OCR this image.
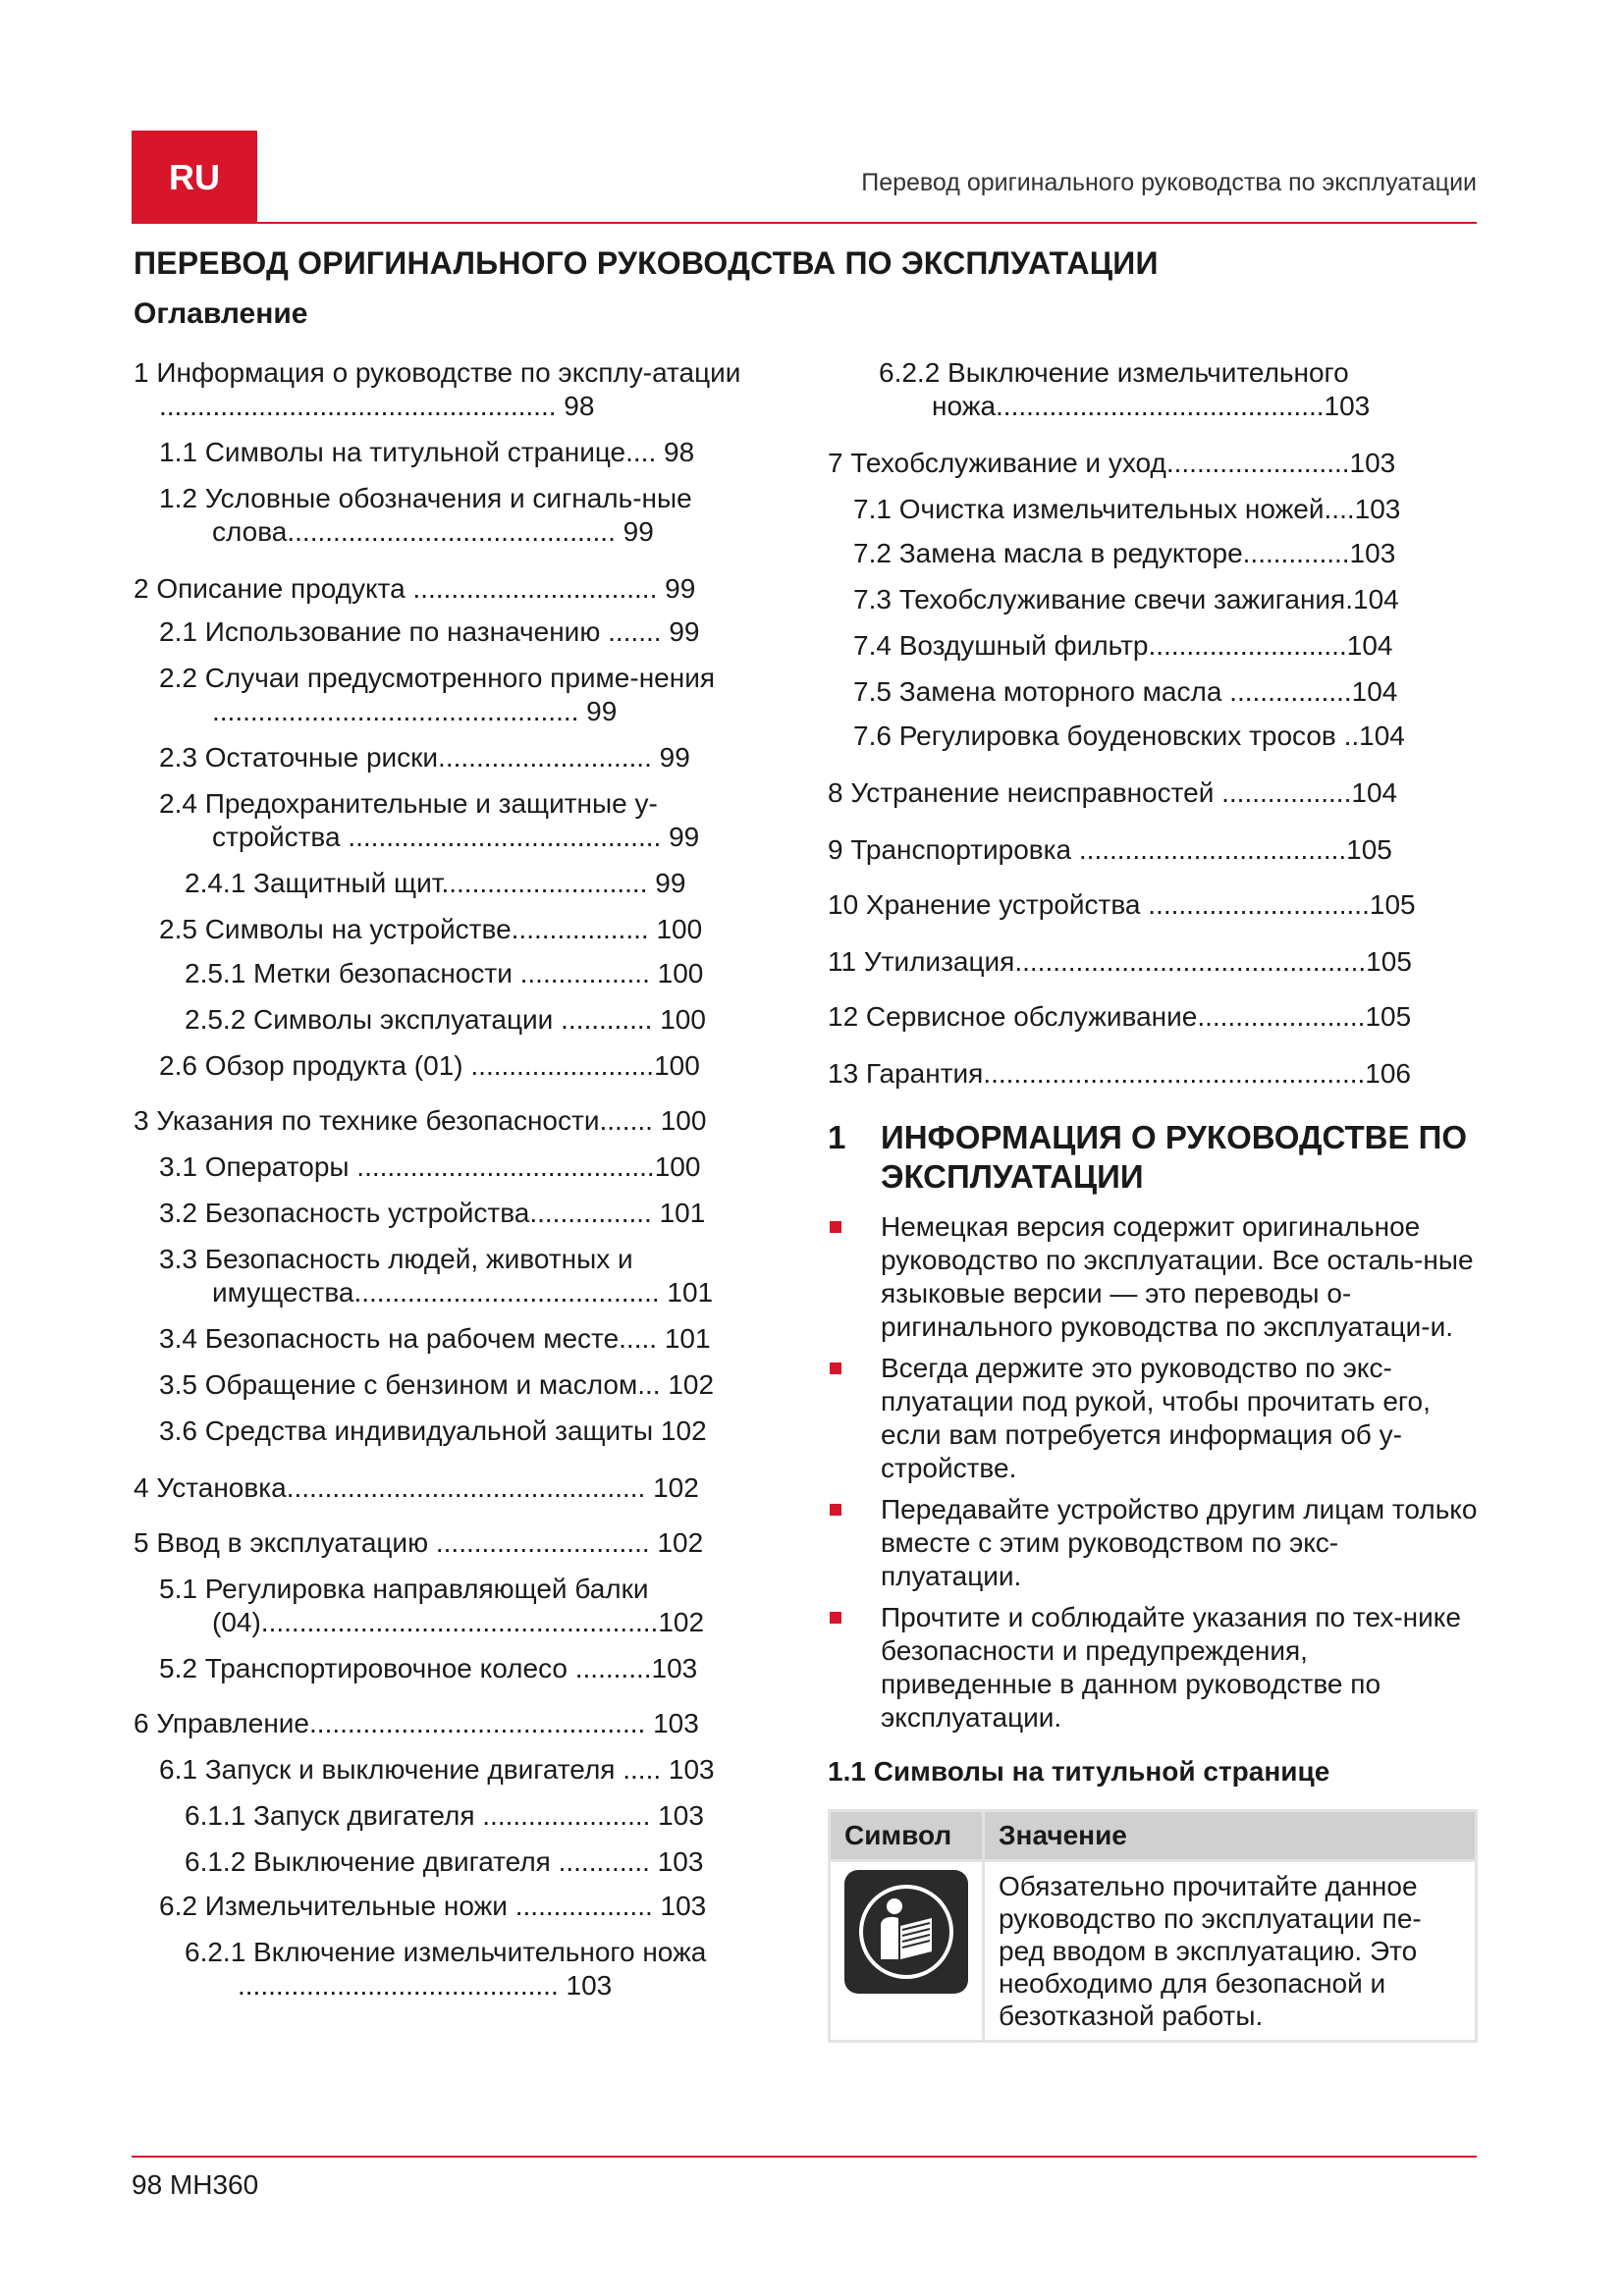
RU	Перевод оригинального руководства по эксплуатации
ПЕРЕВОД ОРИГИНАЛЬНОГО РУКОВОДСТВА ПО ЭКСПЛУАТАЦИИ
Оглавление
1 Информация о руководстве по эксплу-атации .................................................... 98
1.1 Символы на титульной странице.... 98
1.2 Условные обозначения и сигналь-ные слова........................................... 99
2 Описание продукта ................................ 99
2.1 Использование по назначению ....... 99
2.2 Случаи предусмотренного приме-нения ................................................ 99
2.3 Остаточные риски............................ 99
2.4 Предохранительные и защитные у-стройства ......................................... 99
2.4.1 Защитный щит........................... 99
2.5 Символы на устройстве.................. 100
2.5.1 Метки безопасности ................. 100
2.5.2 Символы эксплуатации ............ 100
2.6 Обзор продукта (01) ........................100
3 Указания по технике безопасности....... 100
3.1 Операторы .......................................100
3.2 Безопасность устройства................ 101
3.3 Безопасность людей, животных и имущества........................................ 101
3.4 Безопасность на рабочем месте..... 101
3.5 Обращение с бензином и маслом... 102
3.6 Средства индивидуальной защиты 102
4 Установка............................................... 102
5 Ввод в эксплуатацию ............................ 102
5.1 Регулировка направляющей балки (04)....................................................102
5.2 Транспортировочное колесо ..........103
6 Управление............................................ 103
6.1 Запуск и выключение двигателя ..... 103
6.1.1 Запуск двигателя ...................... 103
6.1.2 Выключение двигателя ............ 103
6.2 Измельчительные ножи .................. 103
6.2.1 Включение измельчительного ножа .......................................... 103
6.2.2 Выключение измельчительного ножа...........................................103
7 Техобслуживание и уход........................103
7.1 Очистка измельчительных ножей....103
7.2 Замена масла в редукторе..............103
7.3 Техобслуживание свечи зажигания.104
7.4 Воздушный фильтр..........................104
7.5 Замена моторного масла ................104
7.6 Регулировка боуденовских тросов ..104
8 Устранение неисправностей .................104
9 Транспортировка ...................................105
10 Хранение устройства .............................105
11 Утилизация..............................................105
12 Сервисное обслуживание......................105
13 Гарантия..................................................106
1	ИНФОРМАЦИЯ О РУКОВОДСТВЕ ПО ЭКСПЛУАТАЦИИ
Немецкая версия содержит оригинальное руководство по эксплуатации. Все осталь-ные языковые версии — это переводы о-ригинального руководства по эксплуатаци-и.
Всегда держите это руководство по экс-плуатации под рукой, чтобы прочитать его, если вам потребуется информация об у-стройстве.
Передавайте устройство другим лицам только вместе с этим руководством по экс-плуатации.
Прочтите и соблюдайте указания по тех-нике безопасности и предупреждения, приведенные в данном руководстве по эксплуатации.
1.1 Символы на титульной странице
Символ	Значение

	Обязательно прочитайте данное руководство по эксплуатации пе-ред вводом в эксплуатацию. Это необходимо для безопасной и безотказной работы.
98 MH360
